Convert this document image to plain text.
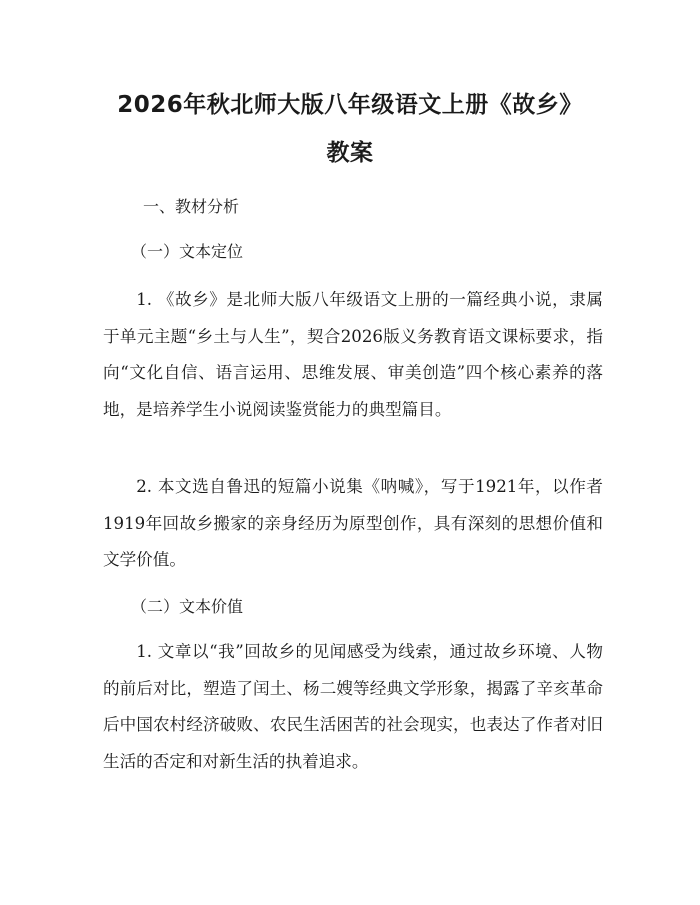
2026年秋北师大版八年级语文上册《故乡》
教案
一、教材分析
（一）文本定位
1. 《故乡》是北师大版八年级语文上册的一篇经典小说，隶属于单元主题“乡土与人生”，契合2026版义务教育语文课标要求，指向“文化自信、语言运用、思维发展、审美创造”四个核心素养的落地，是培养学生小说阅读鉴赏能力的典型篇目。
2. 本文选自鲁迅的短篇小说集《呐喊》，写于1921年，以作者1919年回故乡搬家的亲身经历为原型创作，具有深刻的思想价值和文学价值。
（二）文本价值
1. 文章以“我”回故乡的见闻感受为线索，通过故乡环境、人物的前后对比，塑造了闰土、杨二嫂等经典文学形象，揭露了辛亥革命后中国农村经济破败、农民生活困苦的社会现实，也表达了作者对旧生活的否定和对新生活的执着追求。
